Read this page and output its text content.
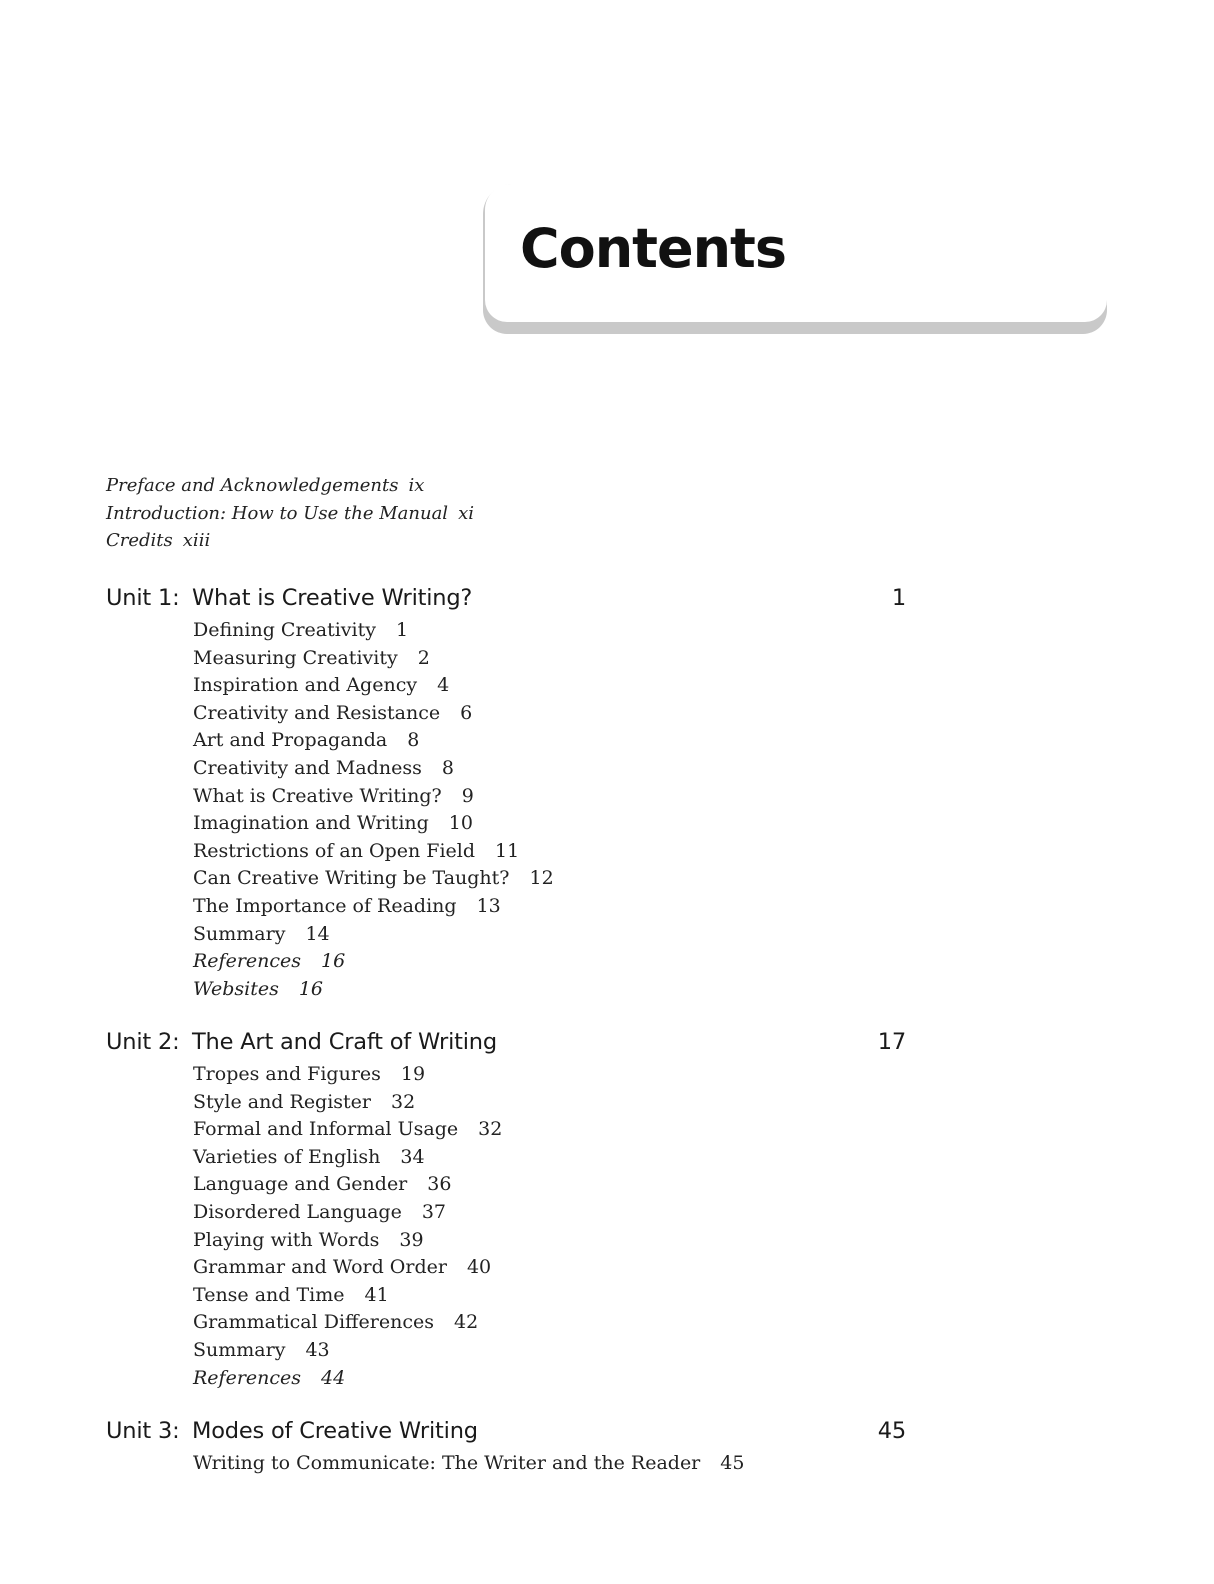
Contents
Preface and Acknowledgements ix
Introduction: How to Use the Manual xi
Credits xiii
Unit 1: What is Creative Writing?	1
Defining Creativity 1
Measuring Creativity 2
Inspiration and Agency 4
Creativity and Resistance 6
Art and Propaganda 8
Creativity and Madness 8
What is Creative Writing? 9
Imagination and Writing 10
Restrictions of an Open Field 11
Can Creative Writing be Taught? 12
The Importance of Reading 13
Summary 14
References 16
Websites 16
Unit 2: The Art and Craft of Writing	17
Tropes and Figures 19
Style and Register 32
Formal and Informal Usage 32
Varieties of English 34
Language and Gender 36
Disordered Language 37
Playing with Words 39
Grammar and Word Order 40
Tense and Time 41
Grammatical Differences 42
Summary 43
References 44
Unit 3: Modes of Creative Writing	45
Writing to Communicate: The Writer and the Reader 45
